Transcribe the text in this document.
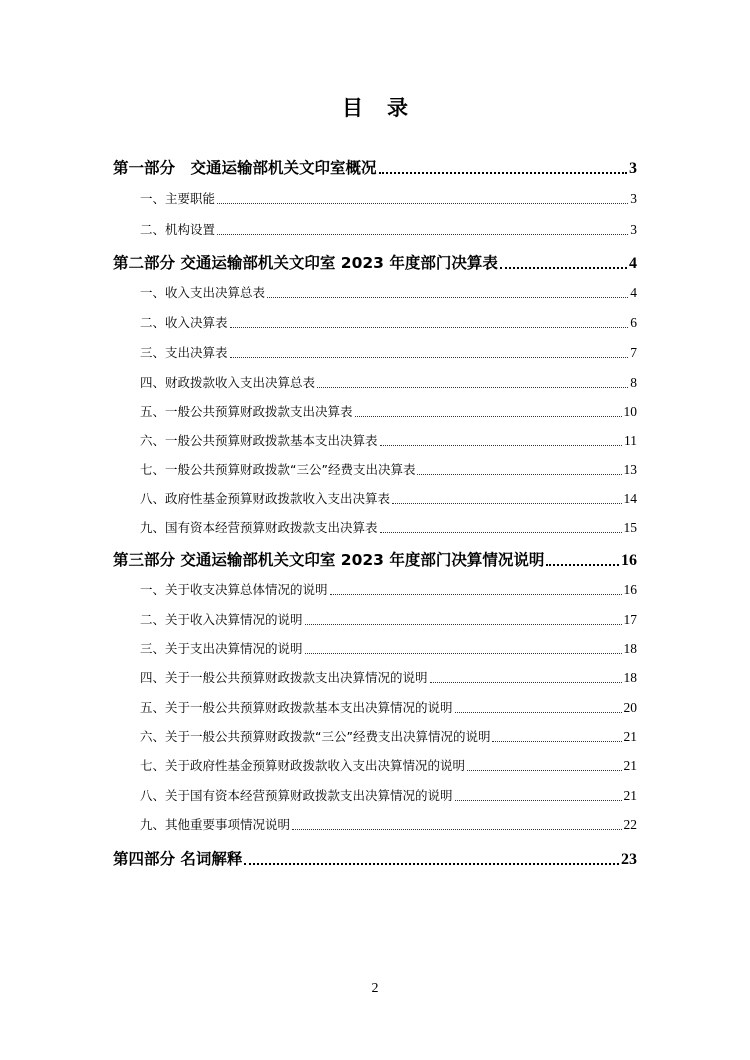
目录
第一部分　交通运输部机关文印室概况	3
一、主要职能	3
二、机构设置	3
第二部分 交通运输部机关文印室 2023 年度部门决算表	4
一、收入支出决算总表	4
二、收入决算表	6
三、支出决算表	7
四、财政拨款收入支出决算总表	8
五、一般公共预算财政拨款支出决算表	10
六、一般公共预算财政拨款基本支出决算表	11
七、一般公共预算财政拨款“三公”经费支出决算表	13
八、政府性基金预算财政拨款收入支出决算表	14
九、国有资本经营预算财政拨款支出决算表	15
第三部分 交通运输部机关文印室 2023 年度部门决算情况说明	16
一、关于收支决算总体情况的说明	16
二、关于收入决算情况的说明	17
三、关于支出决算情况的说明	18
四、关于一般公共预算财政拨款支出决算情况的说明	18
五、关于一般公共预算财政拨款基本支出决算情况的说明	20
六、关于一般公共预算财政拨款“三公”经费支出决算情况的说明	21
七、关于政府性基金预算财政拨款收入支出决算情况的说明	21
八、关于国有资本经营预算财政拨款支出决算情况的说明	21
九、其他重要事项情况说明	22
第四部分 名词解释	23
2
